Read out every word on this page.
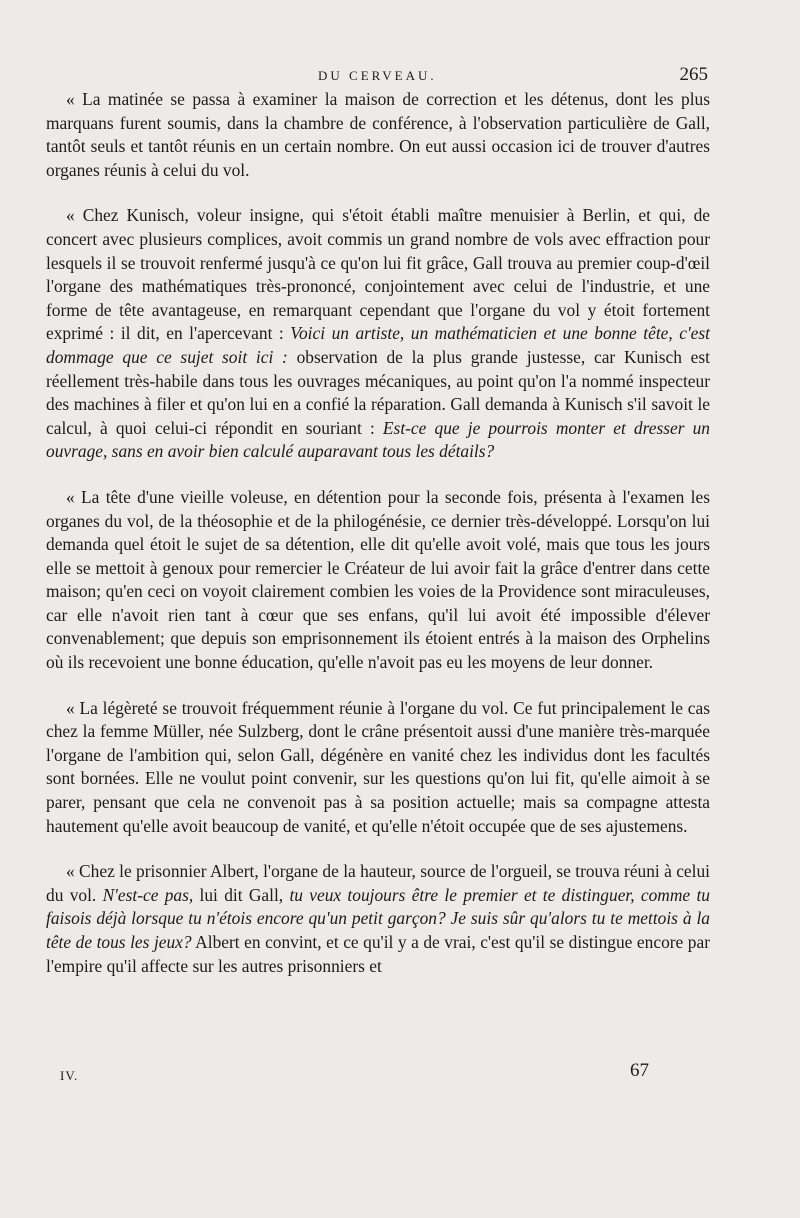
DU CERVEAU.	265

« La matinée se passa à examiner la maison de correction et les détenus, dont les plus marquans furent soumis, dans la chambre de conférence, à l'observation particulière de Gall, tantôt seuls et tantôt réunis en un certain nombre. On eut aussi occasion ici de trouver d'autres organes réunis à celui du vol.

« Chez Kunisch, voleur insigne, qui s'étoit établi maître menuisier à Berlin, et qui, de concert avec plusieurs complices, avoit commis un grand nombre de vols avec effraction pour lesquels il se trouvoit renfermé jusqu'à ce qu'on lui fit grâce, Gall trouva au premier coup-d'œil l'organe des mathématiques très-prononcé, conjointement avec celui de l'industrie, et une forme de tête avantageuse, en remarquant cependant que l'organe du vol y étoit fortement exprimé : il dit, en l'apercevant : Voici un artiste, un mathématicien et une bonne tête, c'est dommage que ce sujet soit ici : observation de la plus grande justesse, car Kunisch est réellement très-habile dans tous les ouvrages mécaniques, au point qu'on l'a nommé inspecteur des machines à filer et qu'on lui en a confié la réparation. Gall demanda à Kunisch s'il savoit le calcul, à quoi celui-ci répondit en souriant : Est-ce que je pourrois monter et dresser un ouvrage, sans en avoir bien calculé auparavant tous les détails?

« La tête d'une vieille voleuse, en détention pour la seconde fois, présenta à l'examen les organes du vol, de la théosophie et de la philogénésie, ce dernier très-développé. Lorsqu'on lui demanda quel étoit le sujet de sa détention, elle dit qu'elle avoit volé, mais que tous les jours elle se mettoit à genoux pour remercier le Créateur de lui avoir fait la grâce d'entrer dans cette maison; qu'en ceci on voyoit clairement combien les voies de la Providence sont miraculeuses, car elle n'avoit rien tant à cœur que ses enfans, qu'il lui avoit été impossible d'élever convenablement; que depuis son emprisonnement ils étoient entrés à la maison des Orphelins où ils recevoient une bonne éducation, qu'elle n'avoit pas eu les moyens de leur donner.

« La légèreté se trouvoit fréquemment réunie à l'organe du vol. Ce fut principalement le cas chez la femme Müller, née Sulzberg, dont le crâne présentoit aussi d'une manière très-marquée l'organe de l'ambition qui, selon Gall, dégénère en vanité chez les individus dont les facultés sont bornées. Elle ne voulut point convenir, sur les questions qu'on lui fit, qu'elle aimoit à se parer, pensant que cela ne convenoit pas à sa position actuelle; mais sa compagne attesta hautement qu'elle avoit beaucoup de vanité, et qu'elle n'étoit occupée que de ses ajustemens.

« Chez le prisonnier Albert, l'organe de la hauteur, source de l'orgueil, se trouva réuni à celui du vol. N'est-ce pas, lui dit Gall, tu veux toujours être le premier et te distinguer, comme tu faisois déjà lorsque tu n'étois encore qu'un petit garçon? Je suis sûr qu'alors tu te mettois à la tête de tous les jeux? Albert en convint, et ce qu'il y a de vrai, c'est qu'il se distingue encore par l'empire qu'il affecte sur les autres prisonniers et

IV.	67
